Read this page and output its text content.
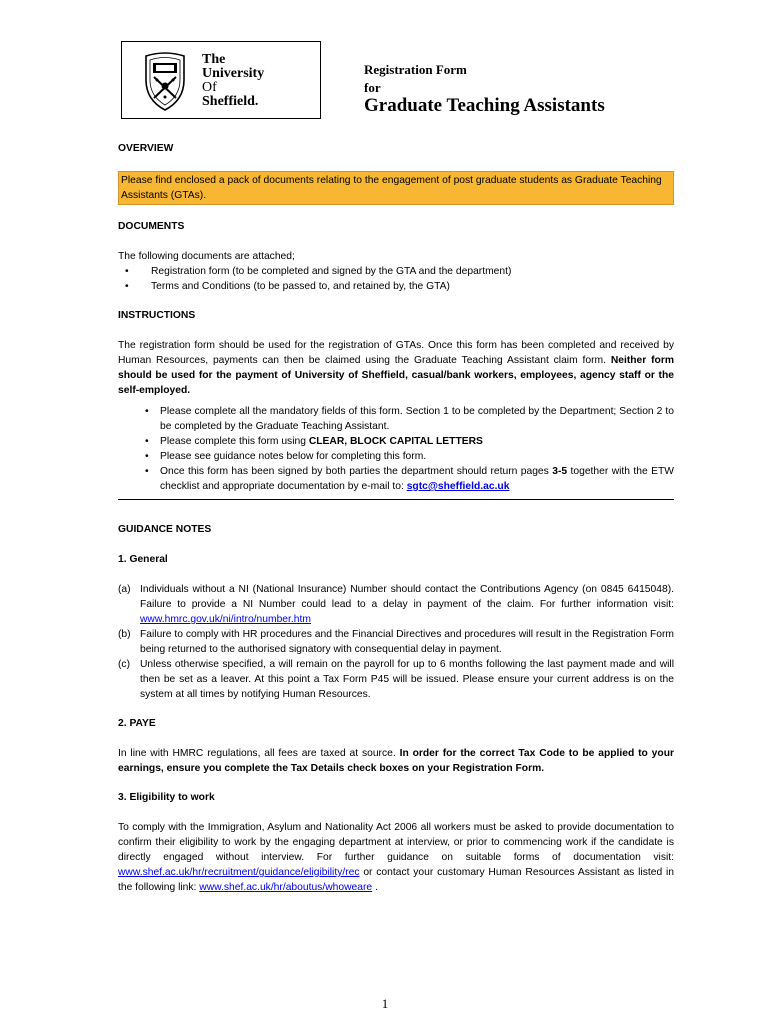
The
University
Of
Sheffield.
Registration Form
for
Graduate Teaching Assistants
OVERVIEW

Please find enclosed a pack of documents relating to the engagement of post graduate students as Graduate Teaching Assistants (GTAs).

DOCUMENTS

The following documents are attached;

• Registration form (to be completed and signed by the GTA and the department)
• Terms and Conditions (to be passed to, and retained by, the GTA)
INSTRUCTIONS

The registration form should be used for the registration of GTAs. Once this form has been completed and received by Human Resources, payments can then be claimed using the Graduate Teaching Assistant claim form. Neither form should be used for the payment of University of Sheffield, casual/bank workers, employees, agency staff or the self-employed.

• Please complete all the mandatory fields of this form. Section 1 to be completed by the Department; Section 2 to be completed by the Graduate Teaching Assistant.
• Please complete this form using CLEAR, BLOCK CAPITAL LETTERS
• Please see guidance notes below for completing this form.
• Once this form has been signed by both parties the department should return pages 3-5 together with the ETW checklist and appropriate documentation by e-mail to: sgtc@sheffield.ac.uk
GUIDANCE NOTES
1. General
(a) Individuals without a NI (National Insurance) Number should contact the Contributions Agency (on 0845 6415048). Failure to provide a NI Number could lead to a delay in payment of the claim. For further information visit: www.hmrc.gov.uk/ni/intro/number.htm
(b) Failure to comply with HR procedures and the Financial Directives and procedures will result in the Registration Form being returned to the authorised signatory with consequential delay in payment.
(c) Unless otherwise specified, a will remain on the payroll for up to 6 months following the last payment made and will then be set as a leaver. At this point a Tax Form P45 will be issued. Please ensure your current address is on the system at all times by notifying Human Resources.
2. PAYE

In line with HMRC regulations, all fees are taxed at source. In order for the correct Tax Code to be applied to your earnings, ensure you complete the Tax Details check boxes on your Registration Form.

3. Eligibility to work

To comply with the Immigration, Asylum and Nationality Act 2006 all workers must be asked to provide documentation to confirm their eligibility to work by the engaging department at interview, or prior to commencing work if the candidate is directly engaged without interview. For further guidance on suitable forms of documentation visit: www.shef.ac.uk/hr/recruitment/guidance/eligibility/rec or contact your customary Human Resources Assistant as listed in the following link: www.shef.ac.uk/hr/aboutus/whoweare .

1
